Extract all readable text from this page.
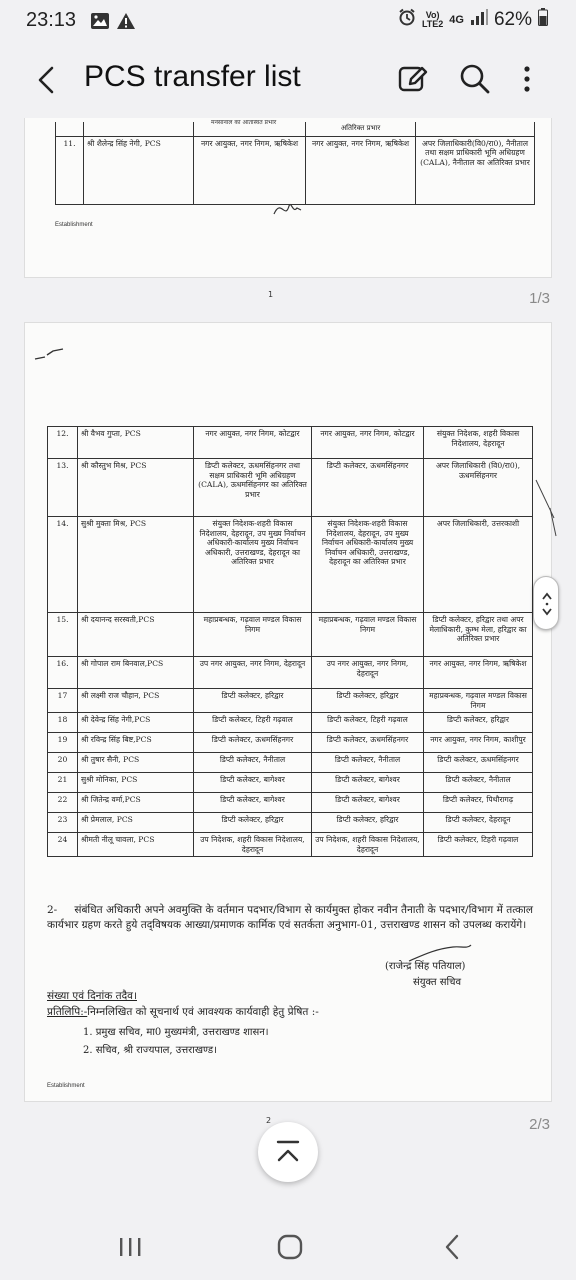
23:13	Vo)
LTE2 4G 62%
PCS transfer list
मनसानाल का आतास्वत प्रभार
			अतिरिक्त प्रभार	
11.	श्री शैलेन्द्र सिंह नेगी, PCS	नगर आयुक्त, नगर निगम, ऋषिकेश	नगर आयुक्त, नगर निगम, ऋषिकेश	अपर जिलाधिकारी(वि0/रा0), नैनीताल तथा सक्षम प्राधिकारी भूमि अधिग्रहण (CALA), नैनीताल का अतिरिक्त प्रभार
Establishment
1	1/3
12.	श्री वैभव गुप्ता, PCS	नगर आयुक्त, नगर निगम, कोटद्वार	नगर आयुक्त, नगर निगम, कोटद्वार	संयुक्त निदेशक, शहरी विकास निदेशालय, देहरादून
13.	श्री कौस्तुभ मिश्र, PCS	डिप्टी कलेक्टर, ऊधमसिंहनगर तथा सक्षम प्राधिकारी भूमि अधिग्रहण (CALA), ऊधमसिंहनगर का अतिरिक्त प्रभार	डिप्टी कलेक्टर, ऊधमसिंहनगर	अपर जिलाधिकारी (वि0/रा0), ऊधमसिंहनगर
14.	सुश्री मुक्ता मिश्र, PCS	संयुक्त निदेशक-शहरी विकास निदेशालय, देहरादून, उप मुख्य निर्वाचन अधिकारी-कार्यालय मुख्य निर्वाचन अधिकारी, उत्तराखण्ड, देहरादून का अतिरिक्त प्रभार	संयुक्त निदेशक-शहरी विकास निदेशालय, देहरादून, उप मुख्य निर्वाचन अधिकारी-कार्यालय मुख्य निर्वाचन अधिकारी, उत्तराखण्ड, देहरादून का अतिरिक्त प्रभार	अपर जिलाधिकारी, उत्तरकाशी
15.	श्री दयानन्द सरस्वती,PCS	महाप्रबन्धक, गढ़वाल मण्डल विकास निगम	महाप्रबन्धक, गढ़वाल मण्डल विकास निगम	डिप्टी कलेक्टर, हरिद्वार तथा अपर मेलाधिकारी, कुम्भ मेला, हरिद्वार का अतिरिक्त प्रभार
16.	श्री गोपाल राम बिनवाल,PCS	उप नगर आयुक्त, नगर निगम, देहरादून	उप नगर आयुक्त, नगर निगम, देहरादून	नगर आयुक्त, नगर निगम, ऋषिकेश
17	श्री लक्ष्मी राज चौहान, PCS	डिप्टी कलेक्टर, हरिद्वार	डिप्टी कलेक्टर, हरिद्वार	महाप्रबन्धक, गढ़वाल मण्डल विकास निगम
18	श्री देवेन्द्र सिंह नेगी,PCS	डिप्टी कलेक्टर, टिहरी गढ़वाल	डिप्टी कलेक्टर, टिहरी गढ़वाल	डिप्टी कलेक्टर, हरिद्वार
19	श्री रविन्द्र सिंह बिष्ट,PCS	डिप्टी कलेक्टर, ऊधमसिंहनगर	डिप्टी कलेक्टर, ऊधमसिंहनगर	नगर आयुक्त, नगर निगम, काशीपुर
20	श्री तुषार सैनी, PCS	डिप्टी कलेक्टर, नैनीताल	डिप्टी कलेक्टर, नैनीताल	डिप्टी कलेक्टर, ऊधमसिंहनगर
21	सुश्री मोनिका, PCS	डिप्टी कलेक्टर, बागेश्वर	डिप्टी कलेक्टर, बागेश्वर	डिप्टी कलेक्टर, नैनीताल
22	श्री जितेन्द्र वर्मा,PCS	डिप्टी कलेक्टर, बागेश्वर	डिप्टी कलेक्टर, बागेश्वर	डिप्टी कलेक्टर, पिथौरागढ़
23	श्री प्रेमलाल, PCS	डिप्टी कलेक्टर, हरिद्वार	डिप्टी कलेक्टर, हरिद्वार	डिप्टी कलेक्टर, देहरादून
24	श्रीमती नीलू चावला, PCS	उप निदेशक, शहरी विकास निदेशालय, देहरादून	उप निदेशक, शहरी विकास निदेशालय, देहरादून	डिप्टी कलेक्टर, टिहरी गढ़वाल
2- संबंधित अधिकारी अपने अवमुक्ति के वर्तमान पदभार/विभाग से कार्यमुक्त होकर नवीन तैनाती के पदभार/विभाग में तत्काल कार्यभार ग्रहण करते हुये तद्‌विषयक आख्या/प्रमाणक कार्मिक एवं सतर्कता अनुभाग-01, उत्तराखण्ड शासन को उपलब्ध करायेंगे।
(राजेन्द्र सिंह पतियाल)
संयुक्त सचिव
संख्या एवं दिनांक तदैव।
प्रतिलिपि:-निम्नलिखित को सूचनार्थ एवं आवश्यक कार्यवाही हेतु प्रेषित :-
1. प्रमुख सचिव, मा0 मुख्यमंत्री, उत्तराखण्ड शासन।
2. सचिव, श्री राज्यपाल, उत्तराखण्ड।
Establishment
2	2/3
